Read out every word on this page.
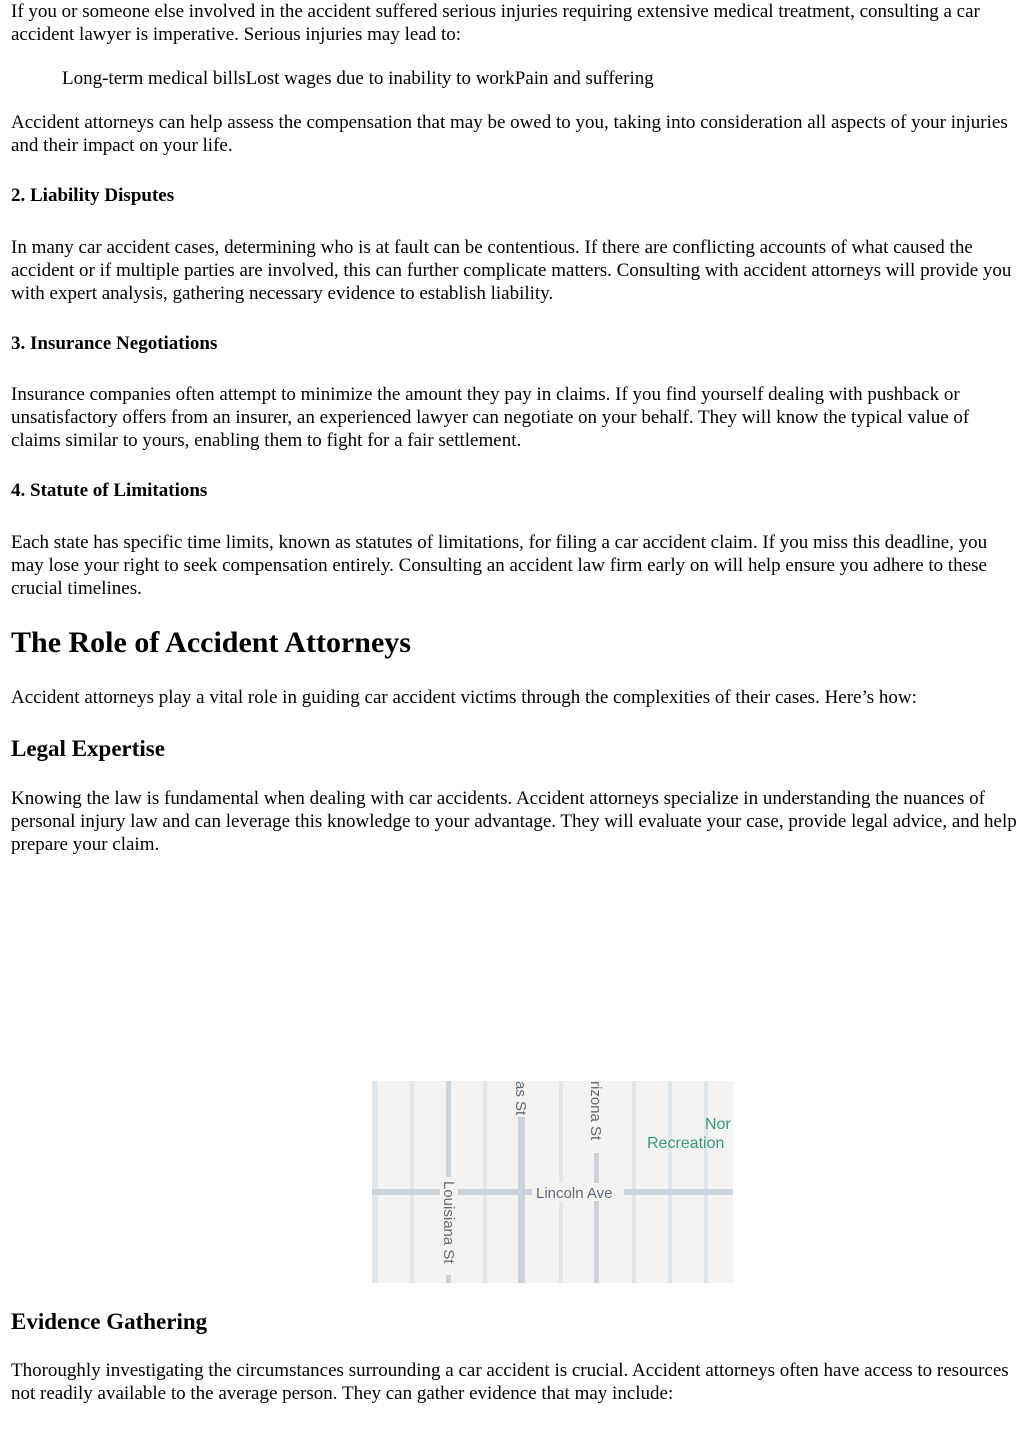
If you or someone else involved in the accident suffered serious injuries requiring extensive medical treatment, consulting a car accident lawyer is imperative. Serious injuries may lead to:

Long-term medical billsLost wages due to inability to workPain and suffering

Accident attorneys can help assess the compensation that may be owed to you, taking into consideration all aspects of your injuries and their impact on your life.

2. Liability Disputes

In many car accident cases, determining who is at fault can be contentious. If there are conflicting accounts of what caused the accident or if multiple parties are involved, this can further complicate matters. Consulting with accident attorneys will provide you with expert analysis, gathering necessary evidence to establish liability.

3. Insurance Negotiations

Insurance companies often attempt to minimize the amount they pay in claims. If you find yourself dealing with pushback or unsatisfactory offers from an insurer, an experienced lawyer can negotiate on your behalf. They will know the typical value of claims similar to yours, enabling them to fight for a fair settlement.

4. Statute of Limitations

Each state has specific time limits, known as statutes of limitations, for filing a car accident claim. If you miss this deadline, you may lose your right to seek compensation entirely. Consulting an accident law firm early on will help ensure you adhere to these crucial timelines.

The Role of Accident Attorneys

Accident attorneys play a vital role in guiding car accident victims through the complexities of their cases. Here’s how:

Legal Expertise

Knowing the law is fundamental when dealing with car accidents. Accident attorneys specialize in understanding the nuances of personal injury law and can leverage this knowledge to your advantage. They will evaluate your case, provide legal advice, and help prepare your claim.

Evidence Gathering

Thoroughly investigating the circumstances surrounding a car accident is crucial. Accident attorneys often have access to resources not readily available to the average person. They can gather evidence that may include:

Lincoln Ave
as St	rizona St
Louisiana St
Nor
Recreation
